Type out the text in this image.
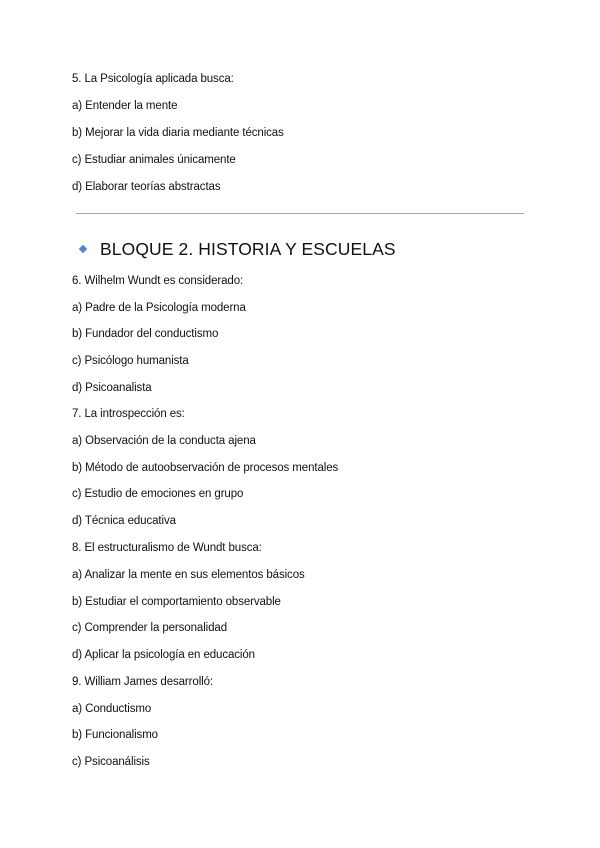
5. La Psicología aplicada busca:
a) Entender la mente
b) Mejorar la vida diaria mediante técnicas
c) Estudiar animales únicamente
d) Elaborar teorías abstractas
BLOQUE 2. HISTORIA Y ESCUELAS
6. Wilhelm Wundt es considerado:
a) Padre de la Psicología moderna
b) Fundador del conductismo
c) Psicólogo humanista
d) Psicoanalista
7. La introspección es:
a) Observación de la conducta ajena
b) Método de autoobservación de procesos mentales
c) Estudio de emociones en grupo
d) Técnica educativa
8. El estructuralismo de Wundt busca:
a) Analizar la mente en sus elementos básicos
b) Estudiar el comportamiento observable
c) Comprender la personalidad
d) Aplicar la psicología en educación
9. William James desarrolló:
a) Conductismo
b) Funcionalismo
c) Psicoanálisis
